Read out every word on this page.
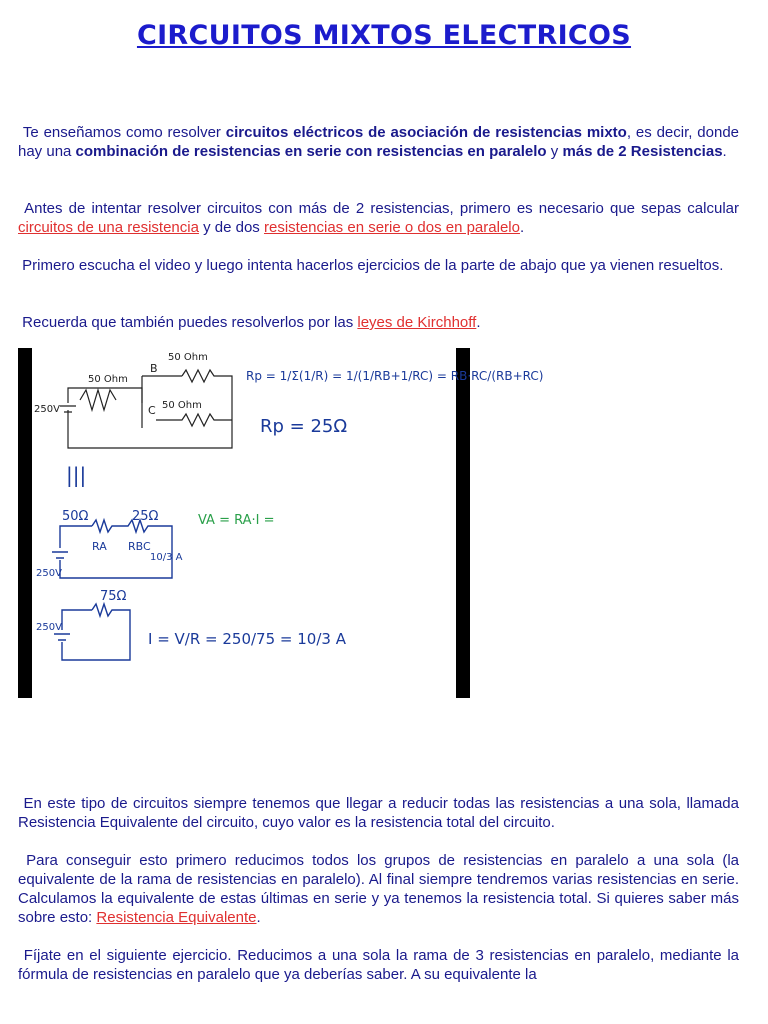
CIRCUITOS MIXTOS ELECTRICOS

Te enseñamos como resolver circuitos eléctricos de asociación de resistencias mixto, es decir, donde hay una combinación de resistencias en serie con resistencias en paralelo y más de 2 Resistencias.

Antes de intentar resolver circuitos con más de 2 resistencias, primero es necesario que sepas calcular circuitos de una resistencia y de dos resistencias en serie o dos en paralelo.

Primero escucha el video y luego intenta hacerlos ejercicios de la parte de abajo que ya vienen resueltos.

Recuerda que también puedes resolverlos por las leyes de Kirchhoff.

50 Ohm
50 Ohm
50 Ohm
250V
B
C
Rp = 1/Σ(1/R) = 1/(1/RB+1/RC) = RB·RC/(RB+RC)
Rp = 25Ω
|||
50Ω	25Ω
RA RBC
10/3 A
250V
VA = RA·I =
75Ω
250V
I = V/R = 250/75 = 10/3 A

En este tipo de circuitos siempre tenemos que llegar a reducir todas las resistencias a una sola, llamada Resistencia Equivalente del circuito, cuyo valor es la resistencia total del circuito.

Para conseguir esto primero reducimos todos los grupos de resistencias en paralelo a una sola (la equivalente de la rama de resistencias en paralelo). Al final siempre tendremos varias resistencias en serie. Calculamos la equivalente de estas últimas en serie y ya tenemos la resistencia total. Si quieres saber más sobre esto: Resistencia Equivalente.

Fíjate en el siguiente ejercicio. Reducimos a una sola la rama de 3 resistencias en paralelo, mediante la fórmula de resistencias en paralelo que ya deberías saber. A su equivalente la
